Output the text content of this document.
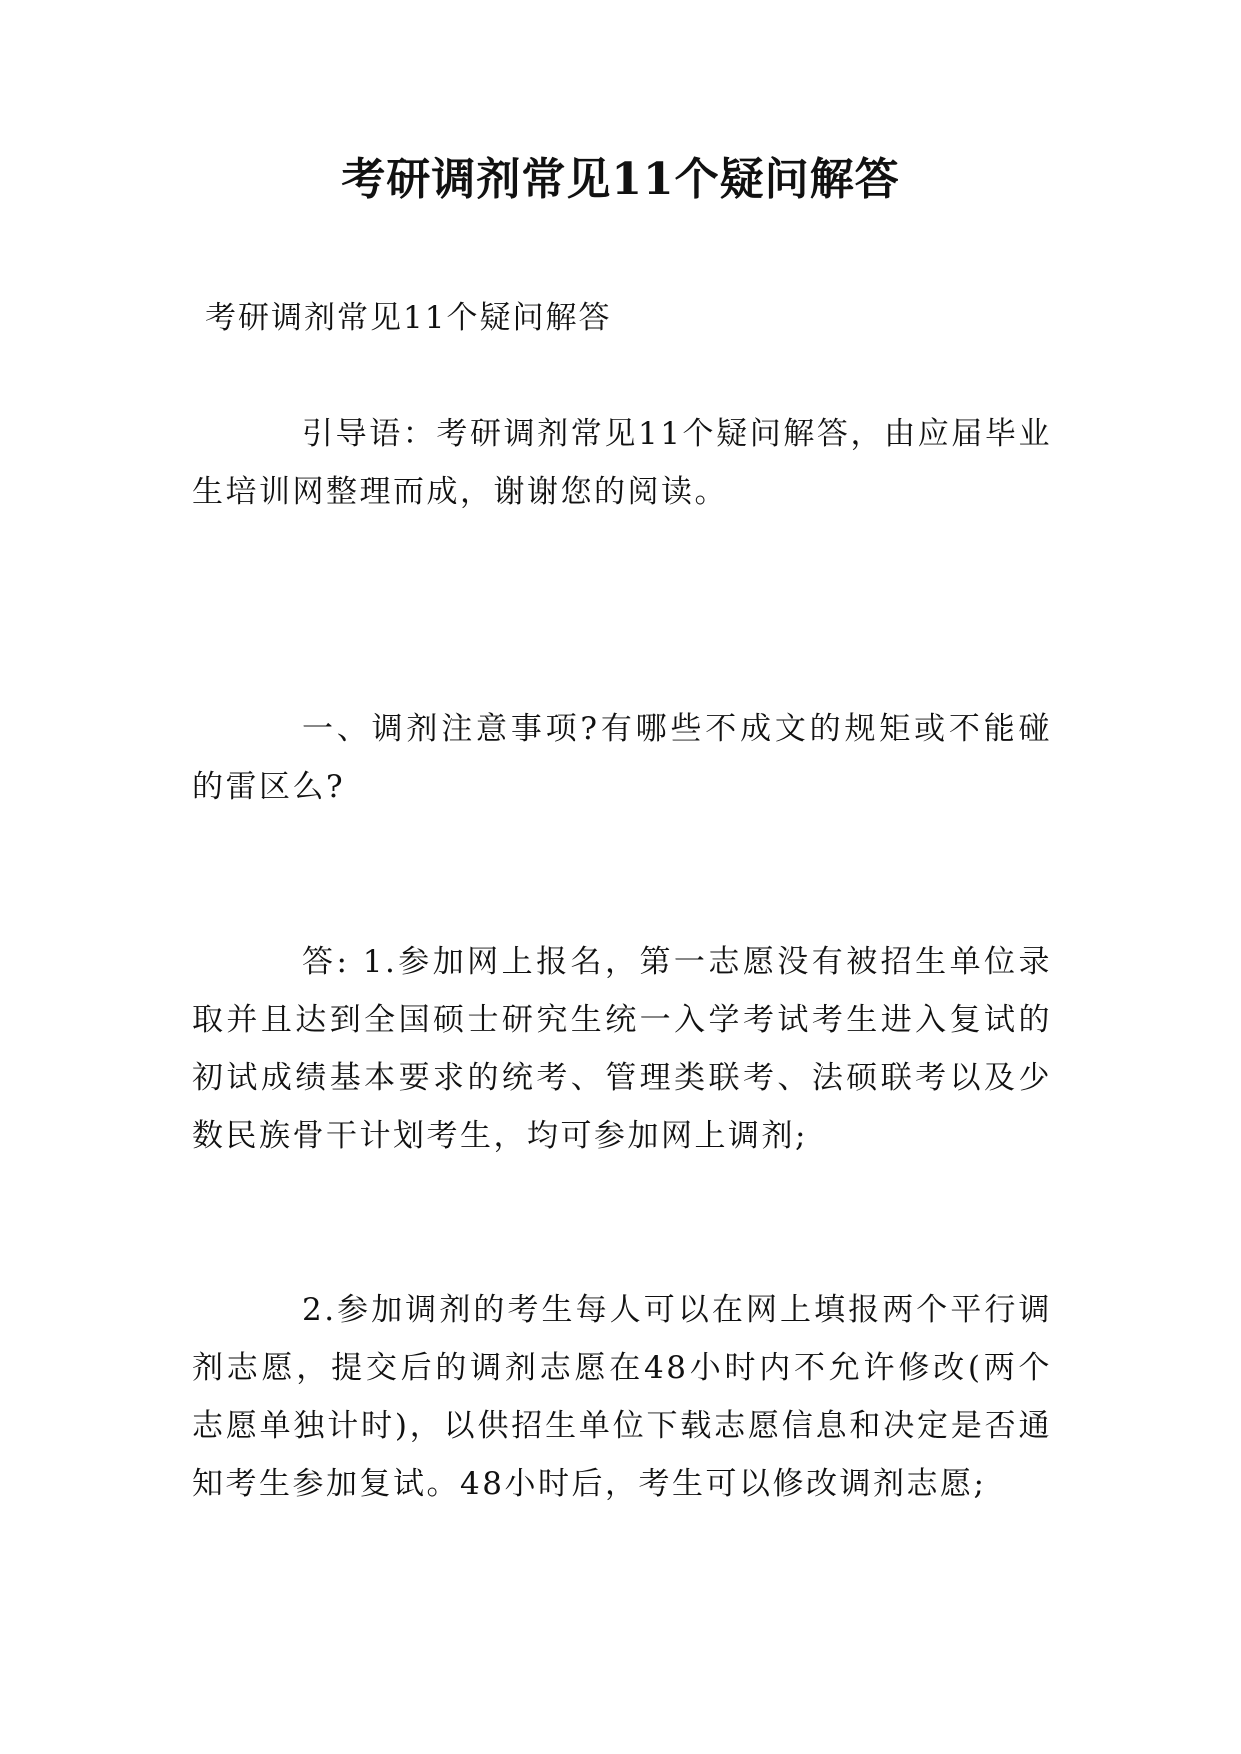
考研调剂常见11个疑问解答
考研调剂常见11个疑问解答

引导语：考研调剂常见11个疑问解答，由应届毕业生培训网整理而成，谢谢您的阅读。

一、调剂注意事项?有哪些不成文的规矩或不能碰的雷区么?

答: 1.参加网上报名，第一志愿没有被招生单位录取并且达到全国硕士研究生统一入学考试考生进入复试的初试成绩基本要求的统考、管理类联考、法硕联考以及少数民族骨干计划考生，均可参加网上调剂;

2.参加调剂的考生每人可以在网上填报两个平行调剂志愿，提交后的调剂志愿在48小时内不允许修改(两个志愿单独计时)，以供招生单位下载志愿信息和决定是否通知考生参加复试。48小时后，考生可以修改调剂志愿;
